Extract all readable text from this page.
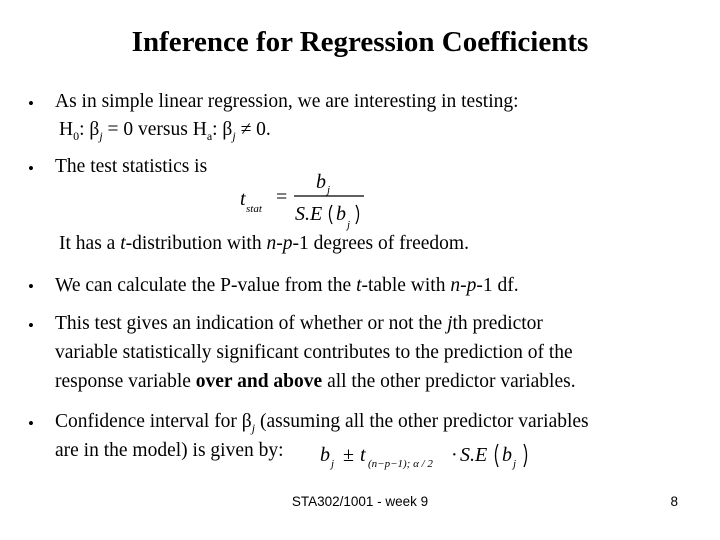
Inference for Regression Coefficients
• As in simple linear regression, we are interesting in testing:
$H_0$: $\beta_j = 0$ versus $H_a$: $\beta_j \ne 0$.
• The test statistics is
t stat
=
b j
S.E b j
It has a t-distribution with n-p-1 degrees of freedom.
• We can calculate the P-value from the t-table with n-p-1 df.
• This test gives an indication of whether or not the jth predictor
variable statistically significant contributes to the prediction of the
response variable over and above all the other predictor variables.
• Confidence interval for $\beta_j$ (assuming all the other predictor variables
are in the model) is given by: b j ± t (n−p−1); α / 2 · S.E b j
STA302/1001 - week 9	8
